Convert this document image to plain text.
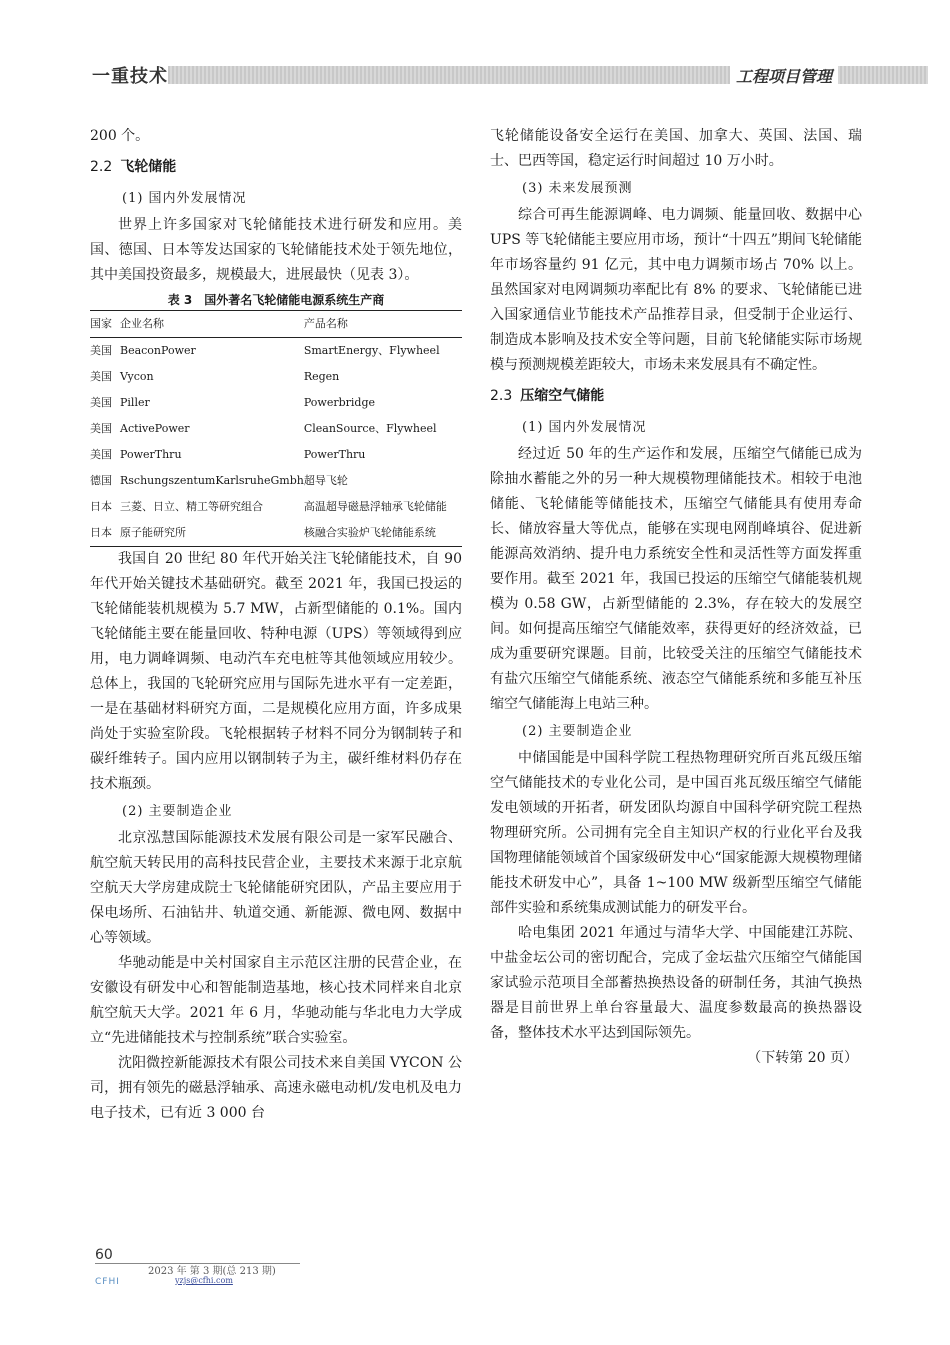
一重技术	工程项目管理

200 个。

2.2 飞轮储能
(1) 国内外发展情况

世界上许多国家对飞轮储能技术进行研发和应用。美国、德国、日本等发达国家的飞轮储能技术处于领先地位，其中美国投资最多，规模最大，进展最快（见表 3）。

表 3　国外著名飞轮储能电源系统生产商
国家	企业名称	产品名称
美国	BeaconPower	SmartEnergy、Flywheel
美国	Vycon	Regen
美国	Piller	Powerbridge
美国	ActivePower	CleanSource、Flywheel
美国	PowerThru	PowerThru
德国	RschungszentumKarlsruheGmbh	超导飞轮
日本	三菱、日立、精工等研究组合	高温超导磁悬浮轴承飞轮储能
日本	原子能研究所	核融合实验炉飞轮储能系统

我国自 20 世纪 80 年代开始关注飞轮储能技术，自 90 年代开始关键技术基础研究。截至 2021 年，我国已投运的飞轮储能装机规模为 5.7 MW，占新型储能的 0.1%。国内飞轮储能主要在能量回收、特种电源（UPS）等领域得到应用，电力调峰调频、电动汽车充电桩等其他领域应用较少。总体上，我国的飞轮研究应用与国际先进水平有一定差距，一是在基础材料研究方面，二是规模化应用方面，许多成果尚处于实验室阶段。飞轮根据转子材料不同分为钢制转子和碳纤维转子。国内应用以钢制转子为主，碳纤维材料仍存在技术瓶颈。

(2) 主要制造企业

北京泓慧国际能源技术发展有限公司是一家军民融合、航空航天转民用的高科技民营企业，主要技术来源于北京航空航天大学房建成院士飞轮储能研究团队，产品主要应用于保电场所、石油钻井、轨道交通、新能源、微电网、数据中心等领域。

华驰动能是中关村国家自主示范区注册的民营企业，在安徽设有研发中心和智能制造基地，核心技术同样来自北京航空航天大学。2021 年 6 月，华驰动能与华北电力大学成立“先进储能技术与控制系统”联合实验室。

沈阳微控新能源技术有限公司技术来自美国 VYCON 公司，拥有领先的磁悬浮轴承、高速永磁电动机/发电机及电力电子技术，已有近 3 000 台

飞轮储能设备安全运行在美国、加拿大、英国、法国、瑞士、巴西等国，稳定运行时间超过 10 万小时。

(3) 未来发展预测

综合可再生能源调峰、电力调频、能量回收、数据中心 UPS 等飞轮储能主要应用市场，预计“十四五”期间飞轮储能年市场容量约 91 亿元，其中电力调频市场占 70% 以上。虽然国家对电网调频功率配比有 8% 的要求、飞轮储能已进入国家通信业节能技术产品推荐目录，但受制于企业运行、制造成本影响及技术安全等问题，目前飞轮储能实际市场规模与预测规模差距较大，市场未来发展具有不确定性。

2.3 压缩空气储能
(1) 国内外发展情况

经过近 50 年的生产运作和发展，压缩空气储能已成为除抽水蓄能之外的另一种大规模物理储能技术。相较于电池储能、飞轮储能等储能技术，压缩空气储能具有使用寿命长、储放容量大等优点，能够在实现电网削峰填谷、促进新能源高效消纳、提升电力系统安全性和灵活性等方面发挥重要作用。截至 2021 年，我国已投运的压缩空气储能装机规模为 0.58 GW，占新型储能的 2.3%，存在较大的发展空间。如何提高压缩空气储能效率，获得更好的经济效益，已成为重要研究课题。目前，比较受关注的压缩空气储能技术有盐穴压缩空气储能系统、液态空气储能系统和多能互补压缩空气储能海上电站三种。

(2) 主要制造企业

中储国能是中国科学院工程热物理研究所百兆瓦级压缩空气储能技术的专业化公司，是中国百兆瓦级压缩空气储能发电领域的开拓者，研发团队均源自中国科学研究院工程热物理研究所。公司拥有完全自主知识产权的行业化平台及我国物理储能领域首个国家级研发中心“国家能源大规模物理储能技术研发中心”，具备 1~100 MW 级新型压缩空气储能部件实验和系统集成测试能力的研发平台。

哈电集团 2021 年通过与清华大学、中国能建江苏院、中盐金坛公司的密切配合，完成了金坛盐穴压缩空气储能国家试验示范项目全部蓄热换热设备的研制任务，其油气换热器是目前世界上单台容量最大、温度参数最高的换热器设备，整体技术水平达到国际领先。

（下转第 20 页）

60
2023 年 第 3 期(总 213 期)
CFHI	yzjs@cfhi.com
